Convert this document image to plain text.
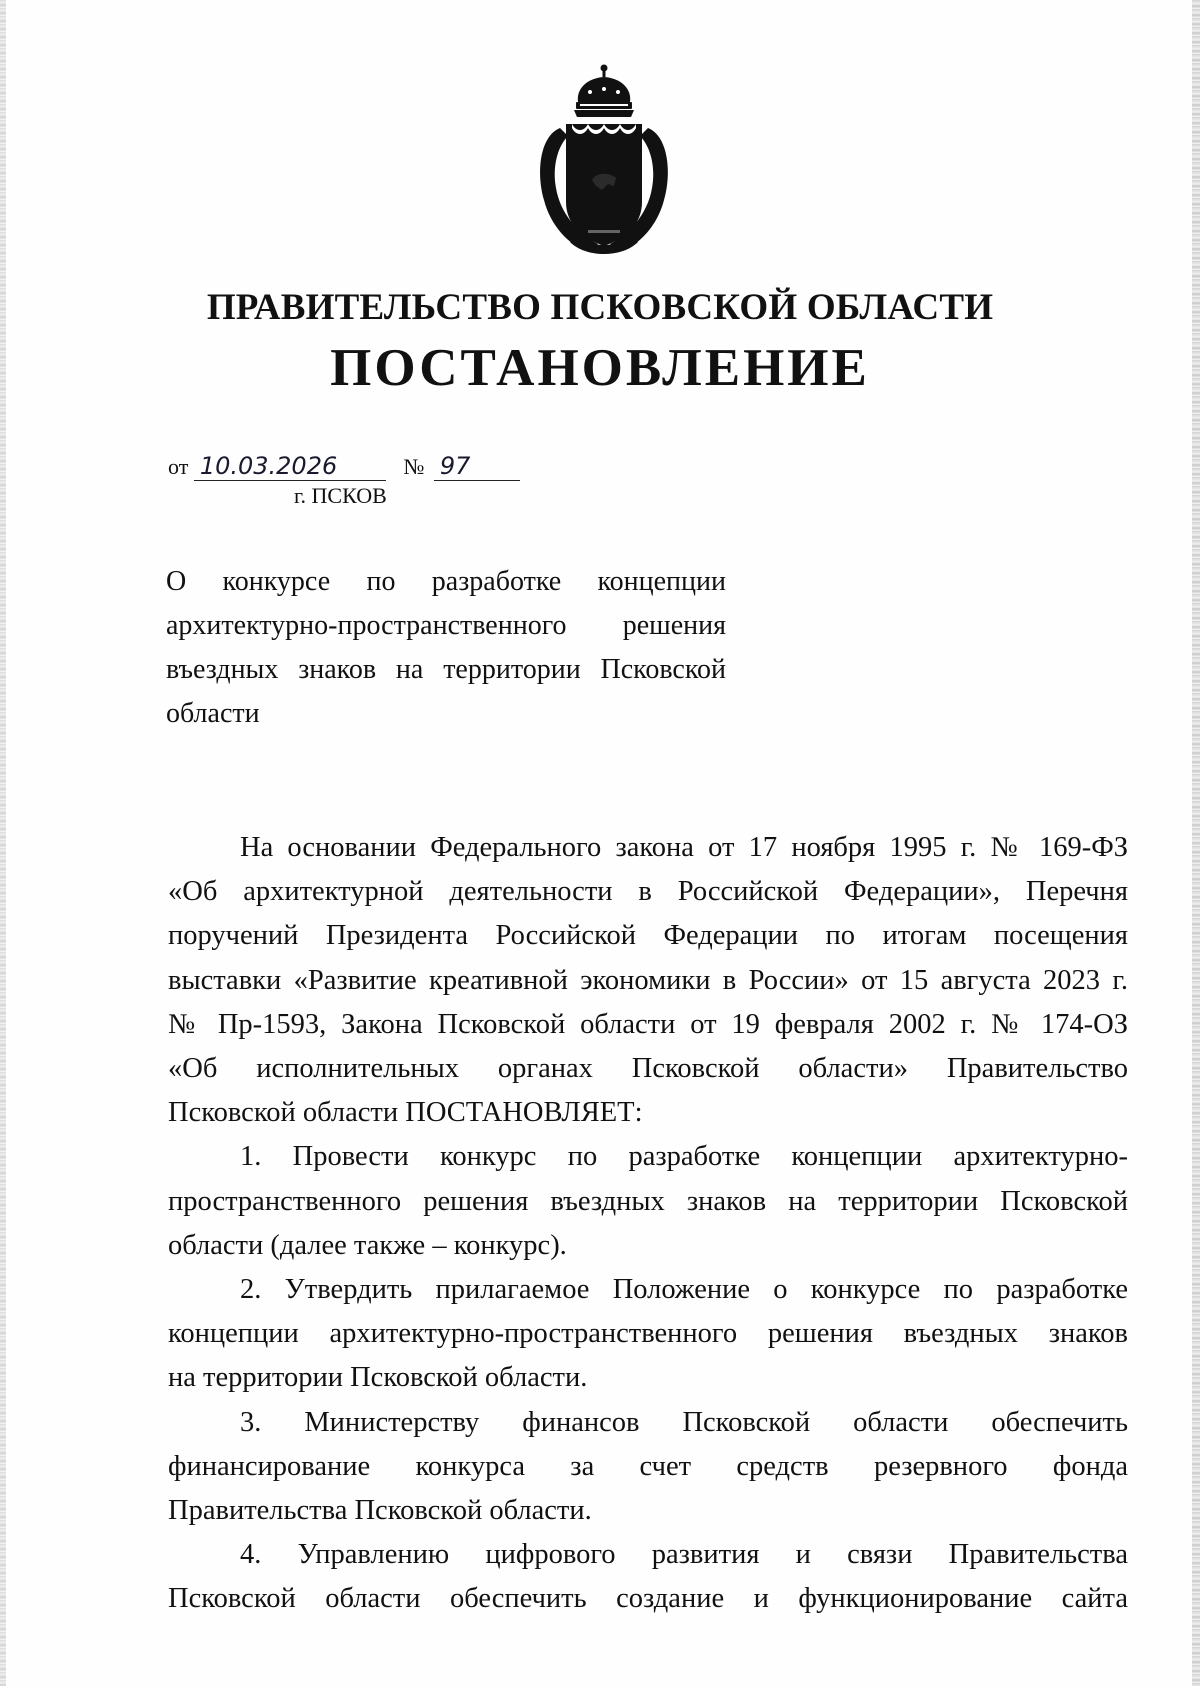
ПРАВИТЕЛЬСТВО ПСКОВСКОЙ ОБЛАСТИ
ПОСТАНОВЛЕНИЕ
от 10.03.2026	№ 97
г. ПСКОВ
О конкурсе по разработке концепции
архитектурно-пространственного решения
въездных знаков на территории Псковской
области
На основании Федерального закона от 17 ноября 1995 г. № 169-ФЗ
«Об архитектурной деятельности в Российской Федерации», Перечня
поручений Президента Российской Федерации по итогам посещения
выставки «Развитие креативной экономики в России» от 15 августа 2023 г.
№ Пр-1593, Закона Псковской области от 19 февраля 2002 г. № 174-ОЗ
«Об исполнительных органах Псковской области» Правительство
Псковской области ПОСТАНОВЛЯЕТ:
1. Провести конкурс по разработке концепции архитектурно-
пространственного решения въездных знаков на территории Псковской
области (далее также – конкурс).
2. Утвердить прилагаемое Положение о конкурсе по разработке
концепции архитектурно-пространственного решения въездных знаков
на территории Псковской области.
3. Министерству финансов Псковской области обеспечить
финансирование конкурса за счет средств резервного фонда
Правительства Псковской области.
4. Управлению цифрового развития и связи Правительства
Псковской области обеспечить создание и функционирование сайта
